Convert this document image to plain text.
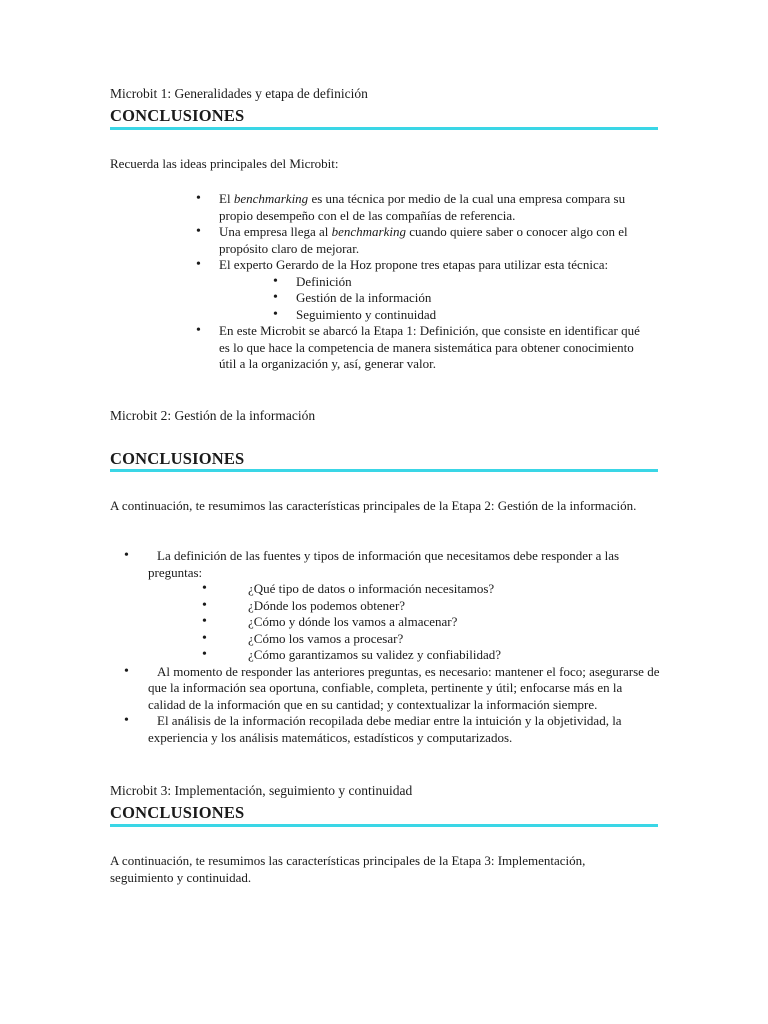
Microbit 1: Generalidades y etapa de definición
CONCLUSIONES
Recuerda las ideas principales del Microbit:
• El benchmarking es una técnica por medio de la cual una empresa compara su propio desempeño con el de las compañías de referencia.
• Una empresa llega al benchmarking cuando quiere saber o conocer algo con el propósito claro de mejorar.
• El experto Gerardo de la Hoz propone tres etapas para utilizar esta técnica:
• Definición
• Gestión de la información
• Seguimiento y continuidad
• En este Microbit se abarcó la Etapa 1: Definición, que consiste en identificar qué es lo que hace la competencia de manera sistemática para obtener conocimiento útil a la organización y, así, generar valor.
Microbit 2: Gestión de la información
CONCLUSIONES
A continuación, te resumimos las características principales de la Etapa 2: Gestión de la información.
• La definición de las fuentes y tipos de información que necesitamos debe responder a las preguntas:
• ¿Qué tipo de datos o información necesitamos?
• ¿Dónde los podemos obtener?
• ¿Cómo y dónde los vamos a almacenar?
• ¿Cómo los vamos a procesar?
• ¿Cómo garantizamos su validez y confiabilidad?
• Al momento de responder las anteriores preguntas, es necesario: mantener el foco; asegurarse de que la información sea oportuna, confiable, completa, pertinente y útil; enfocarse más en la calidad de la información que en su cantidad; y contextualizar la información siempre.
• El análisis de la información recopilada debe mediar entre la intuición y la objetividad, la experiencia y los análisis matemáticos, estadísticos y computarizados.
Microbit 3: Implementación, seguimiento y continuidad
CONCLUSIONES
A continuación, te resumimos las características principales de la Etapa 3: Implementación, seguimiento y continuidad.
